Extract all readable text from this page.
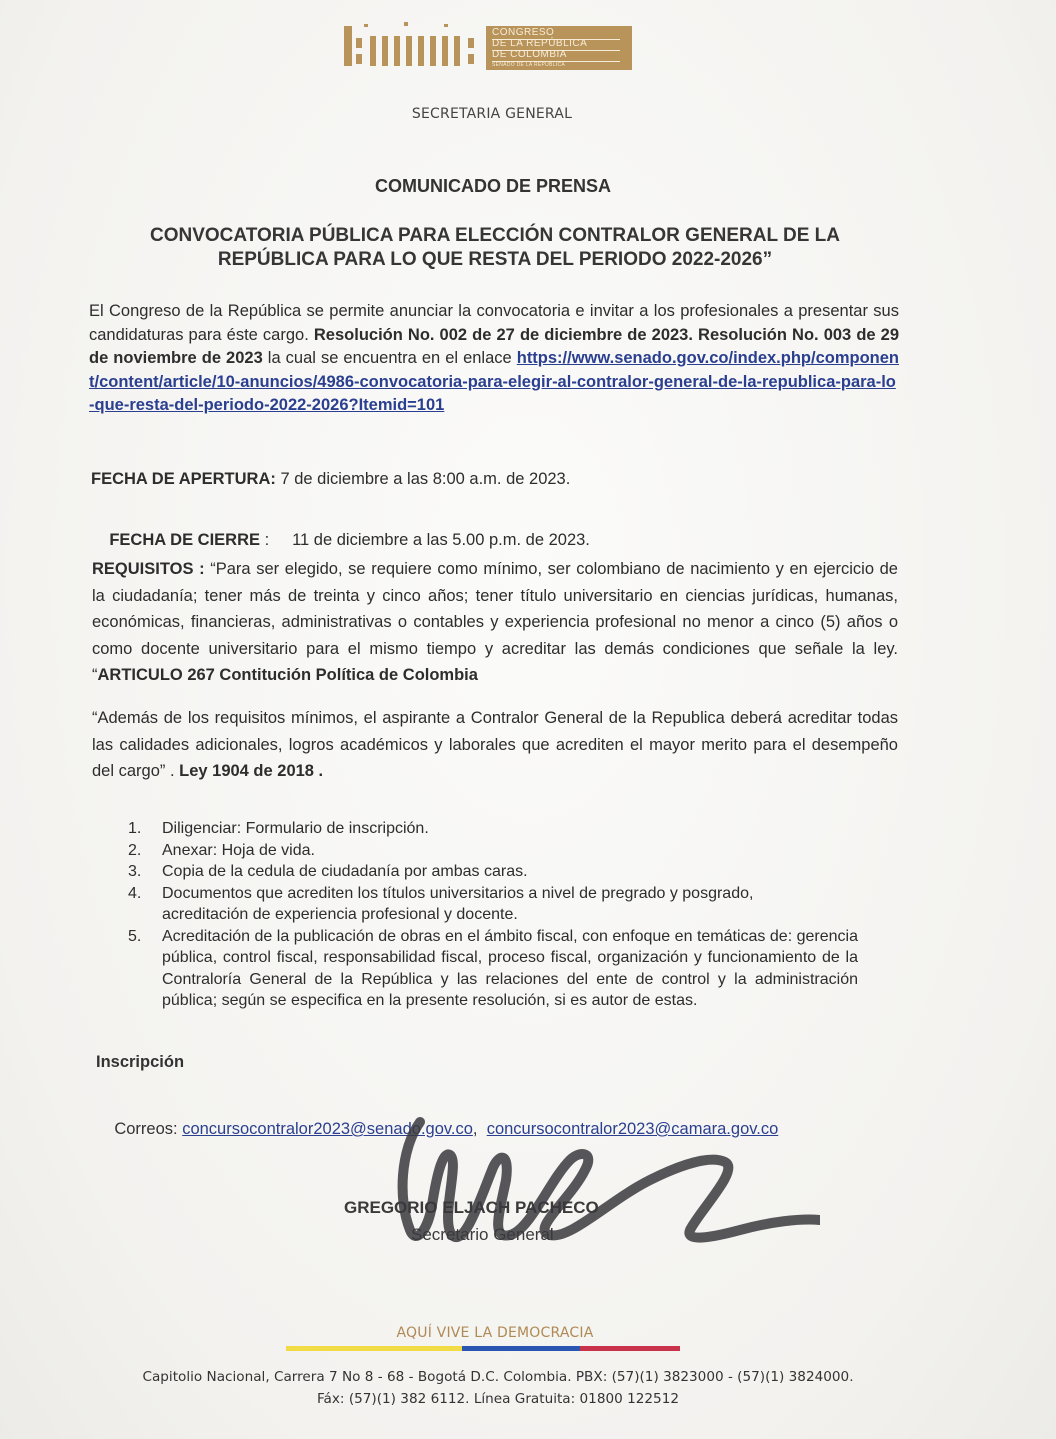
CONGRESO
DE LA REPÚBLICA
DE COLOMBIA
SENADO DE LA REPÚBLICA
SECRETARIA GENERAL
COMUNICADO DE PRENSA
CONVOCATORIA PÚBLICA PARA ELECCIÓN CONTRALOR GENERAL DE LA
REPÚBLICA PARA LO QUE RESTA DEL PERIODO 2022-2026”
El Congreso de la República se permite anunciar la convocatoria e invitar a los profesionales a presentar sus candidaturas para éste cargo. Resolución No. 002 de 27 de diciembre de 2023. Resolución No. 003 de 29 de noviembre de 2023 la cual se encuentra en el enlace https://www.senado.gov.co/index.php/component/content/article/10-anuncios/4986-convocatoria-para-elegir-al-contralor-general-de-la-republica-para-lo-que-resta-del-periodo-2022-2026?Itemid=101
FECHA DE APERTURA: 7 de diciembre a las 8:00 a.m. de 2023.

FECHA DE CIERRE :     11 de diciembre a las 5.00 p.m. de 2023.

REQUISITOS : “Para ser elegido, se requiere como mínimo, ser colombiano de nacimiento y en ejercicio de la ciudadanía; tener más de treinta y cinco años; tener título universitario en ciencias jurídicas, humanas, económicas, financieras, administrativas o contables y experiencia profesional no menor a cinco (5) años o como docente universitario para el mismo tiempo y acreditar las demás condiciones que señale la ley. “ARTICULO 267 Contitución Política de Colombia
“Además de los requisitos mínimos, el aspirante a Contralor General de la Republica deberá acreditar todas las calidades adicionales, logros académicos y laborales que acrediten el mayor merito para el desempeño del cargo” . Ley 1904 de 2018 .
1. Diligenciar: Formulario de inscripción.
2. Anexar: Hoja de vida.
3. Copia de la cedula de ciudadanía por ambas caras.
4. Documentos que acrediten los títulos universitarios a nivel de pregrado y posgrado, acreditación de experiencia profesional y docente.
5. Acreditación de la publicación de obras en el ámbito fiscal, con enfoque en temáticas de: gerencia pública, control fiscal, responsabilidad fiscal, proceso fiscal, organización y funcionamiento de la Contraloría General de la República y las relaciones del ente de control y la administración pública; según se especifica en la presente resolución, si es autor de estas.
Inscripción

Correos: concursocontralor2023@senado.gov.co,  concursocontralor2023@camara.gov.co

GREGORIO ELJACH PACHECO
Secretario General
AQUÍ VIVE LA DEMOCRACIA
Capitolio Nacional, Carrera 7 No 8 - 68 - Bogotá D.C. Colombia. PBX: (57)(1) 3823000 - (57)(1) 3824000.
Fáx: (57)(1) 382 6112. Línea Gratuita: 01800 122512
